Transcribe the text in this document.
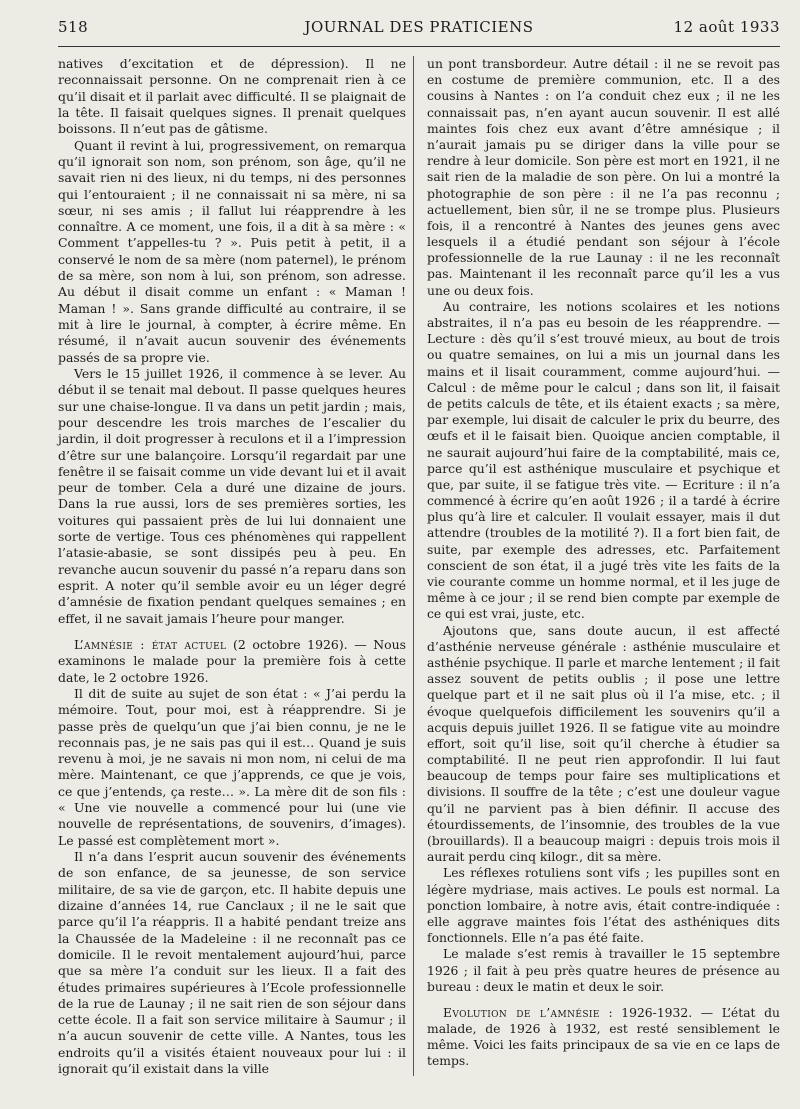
518	JOURNAL DES PRATICIENS	12 août 1933

natives d’excitation et de dépression). Il ne reconnaissait personne. On ne comprenait rien à ce qu’il disait et il parlait avec difficulté. Il se plaignait de la tête. Il faisait quelques signes. Il prenait quelques boissons. Il n’eut pas de gâtisme.

Quant il revint à lui, progressivement, on remarqua qu’il ignorait son nom, son prénom, son âge, qu’il ne savait rien ni des lieux, ni du temps, ni des personnes qui l’entouraient ; il ne connaissait ni sa mère, ni sa sœur, ni ses amis ; il fallut lui réapprendre à les connaître. A ce moment, une fois, il a dit à sa mère : « Comment t’appelles-tu ? ». Puis petit à petit, il a conservé le nom de sa mère (nom paternel), le prénom de sa mère, son nom à lui, son prénom, son adresse. Au début il disait comme un enfant : « Maman ! Maman ! ». Sans grande difficulté au contraire, il se mit à lire le journal, à compter, à écrire même. En résumé, il n’avait aucun souvenir des événements passés de sa propre vie.

Vers le 15 juillet 1926, il commence à se lever. Au début il se tenait mal debout. Il passe quelques heures sur une chaise-longue. Il va dans un petit jardin ; mais, pour descendre les trois marches de l’escalier du jardin, il doit progresser à reculons et il a l’impression d’être sur une balançoire. Lorsqu’il regardait par une fenêtre il se faisait comme un vide devant lui et il avait peur de tomber. Cela a duré une dizaine de jours. Dans la rue aussi, lors de ses premières sorties, les voitures qui passaient près de lui lui donnaient une sorte de vertige. Tous ces phénomènes qui rappellent l’atasie-abasie, se sont dissipés peu à peu. En revanche aucun souvenir du passé n’a reparu dans son esprit. A noter qu’il semble avoir eu un léger degré d’amnésie de fixation pendant quelques semaines ; en effet, il ne savait jamais l’heure pour manger.

L’amnésie : état actuel (2 octobre 1926). — Nous examinons le malade pour la première fois à cette date, le 2 octobre 1926.

Il dit de suite au sujet de son état : « J’ai perdu la mémoire. Tout, pour moi, est à réapprendre. Si je passe près de quelqu’un que j’ai bien connu, je ne le reconnais pas, je ne sais pas qui il est… Quand je suis revenu à moi, je ne savais ni mon nom, ni celui de ma mère. Maintenant, ce que j’apprends, ce que je vois, ce que j’entends, ça reste… ». La mère dit de son fils : « Une vie nouvelle a commencé pour lui (une vie nouvelle de représentations, de souvenirs, d’images). Le passé est complètement mort ».

Il n’a dans l’esprit aucun souvenir des événements de son enfance, de sa jeunesse, de son service militaire, de sa vie de garçon, etc. Il habite depuis une dizaine d’années 14, rue Canclaux ; il ne le sait que parce qu’il l’a réappris. Il a habité pendant treize ans la Chaussée de la Madeleine : il ne reconnaît pas ce domicile. Il le revoit mentalement aujourd’hui, parce que sa mère l’a conduit sur les lieux. Il a fait des études primaires supérieures à l’Ecole professionnelle de la rue de Launay ; il ne sait rien de son séjour dans cette école. Il a fait son service militaire à Saumur ; il n’a aucun souvenir de cette ville. A Nantes, tous les endroits qu’il a visités étaient nouveaux pour lui : il ignorait qu’il existait dans la ville

un pont transbordeur. Autre détail : il ne se revoit pas en costume de première communion, etc. Il a des cousins à Nantes : on l’a conduit chez eux ; il ne les connaissait pas, n’en ayant aucun souvenir. Il est allé maintes fois chez eux avant d’être amnésique ; il n’aurait jamais pu se diriger dans la ville pour se rendre à leur domicile. Son père est mort en 1921, il ne sait rien de la maladie de son père. On lui a montré la photographie de son père : il ne l’a pas reconnu ; actuellement, bien sûr, il ne se trompe plus. Plusieurs fois, il a rencontré à Nantes des jeunes gens avec lesquels il a étudié pendant son séjour à l’école professionnelle de la rue Launay : il ne les reconnaît pas. Maintenant il les reconnaît parce qu’il les a vus une ou deux fois.

Au contraire, les notions scolaires et les notions abstraites, il n’a pas eu besoin de les réapprendre. — Lecture : dès qu’il s’est trouvé mieux, au bout de trois ou quatre semaines, on lui a mis un journal dans les mains et il lisait couramment, comme aujourd’hui. — Calcul : de même pour le calcul ; dans son lit, il faisait de petits calculs de tête, et ils étaient exacts ; sa mère, par exemple, lui disait de calculer le prix du beurre, des œufs et il le faisait bien. Quoique ancien comptable, il ne saurait aujourd’hui faire de la comptabilité, mais ce, parce qu’il est asthénique musculaire et psychique et que, par suite, il se fatigue très vite. — Ecriture : il n’a commencé à écrire qu’en août 1926 ; il a tardé à écrire plus qu’à lire et calculer. Il voulait essayer, mais il dut attendre (troubles de la motilité ?). Il a fort bien fait, de suite, par exemple des adresses, etc. Parfaitement conscient de son état, il a jugé très vite les faits de la vie courante comme un homme normal, et il les juge de même à ce jour ; il se rend bien compte par exemple de ce qui est vrai, juste, etc.

Ajoutons que, sans doute aucun, il est affecté d’asthénie nerveuse générale : asthénie musculaire et asthénie psychique. Il parle et marche lentement ; il fait assez souvent de petits oublis ; il pose une lettre quelque part et il ne sait plus où il l’a mise, etc. ; il évoque quelquefois difficilement les souvenirs qu’il a acquis depuis juillet 1926. Il se fatigue vite au moindre effort, soit qu’il lise, soit qu’il cherche à étudier sa comptabilité. Il ne peut rien approfondir. Il lui faut beaucoup de temps pour faire ses multiplications et divisions. Il souffre de la tête ; c’est une douleur vague qu’il ne parvient pas à bien définir. Il accuse des étourdissements, de l’insomnie, des troubles de la vue (brouillards). Il a beaucoup maigri : depuis trois mois il aurait perdu cinq kilogr., dit sa mère.

Les réflexes rotuliens sont vifs ; les pupilles sont en légère mydriase, mais actives. Le pouls est normal. La ponction lombaire, à notre avis, était contre-indiquée : elle aggrave maintes fois l’état des asthéniques dits fonctionnels. Elle n’a pas été faite.

Le malade s’est remis à travailler le 15 septembre 1926 ; il fait à peu près quatre heures de présence au bureau : deux le matin et deux le soir.

Evolution de l’amnésie : 1926-1932. — L’état du malade, de 1926 à 1932, est resté sensiblement le même. Voici les faits principaux de sa vie en ce laps de temps.
